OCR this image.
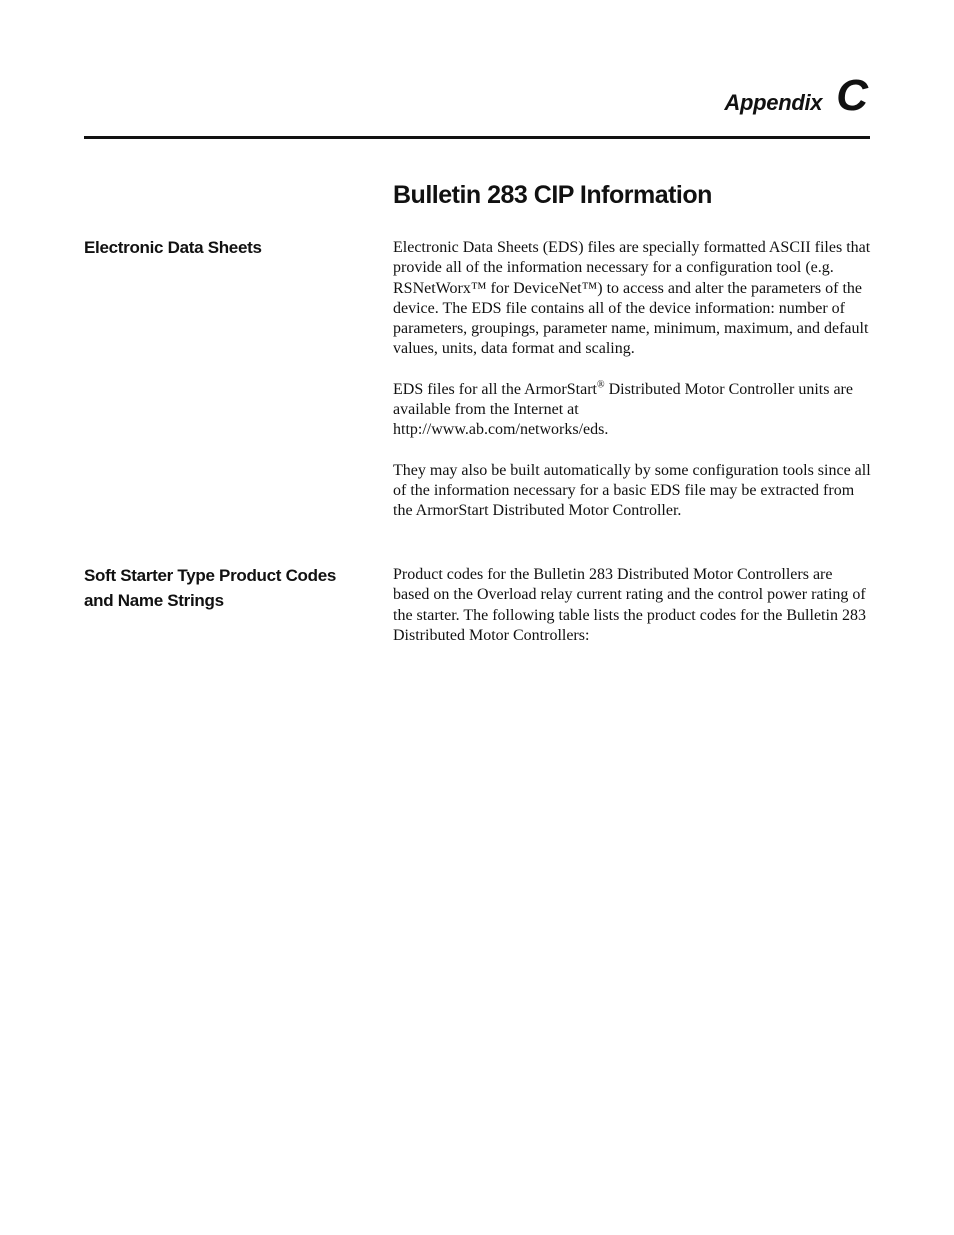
Appendix C
Bulletin 283 CIP Information
Electronic Data Sheets	Electronic Data Sheets (EDS) files are specially formatted ASCII files that provide all of the information necessary for a configuration tool (e.g. RSNetWorx™ for DeviceNet™) to access and alter the parameters of the device. The EDS file contains all of the device information: number of parameters, groupings, parameter name, minimum, maximum, and default values, units, data format and scaling.

EDS files for all the ArmorStart® Distributed Motor Controller units are available from the Internet at
http://www.ab.com/networks/eds.

They may also be built automatically by some configuration tools since all of the information necessary for a basic EDS file may be extracted from the ArmorStart Distributed Motor Controller.

Soft Starter Type Product Codes
and Name Strings

Product codes for the Bulletin 283 Distributed Motor Controllers are based on the Overload relay current rating and the control power rating of the starter. The following table lists the product codes for the Bulletin 283 Distributed Motor Controllers:
